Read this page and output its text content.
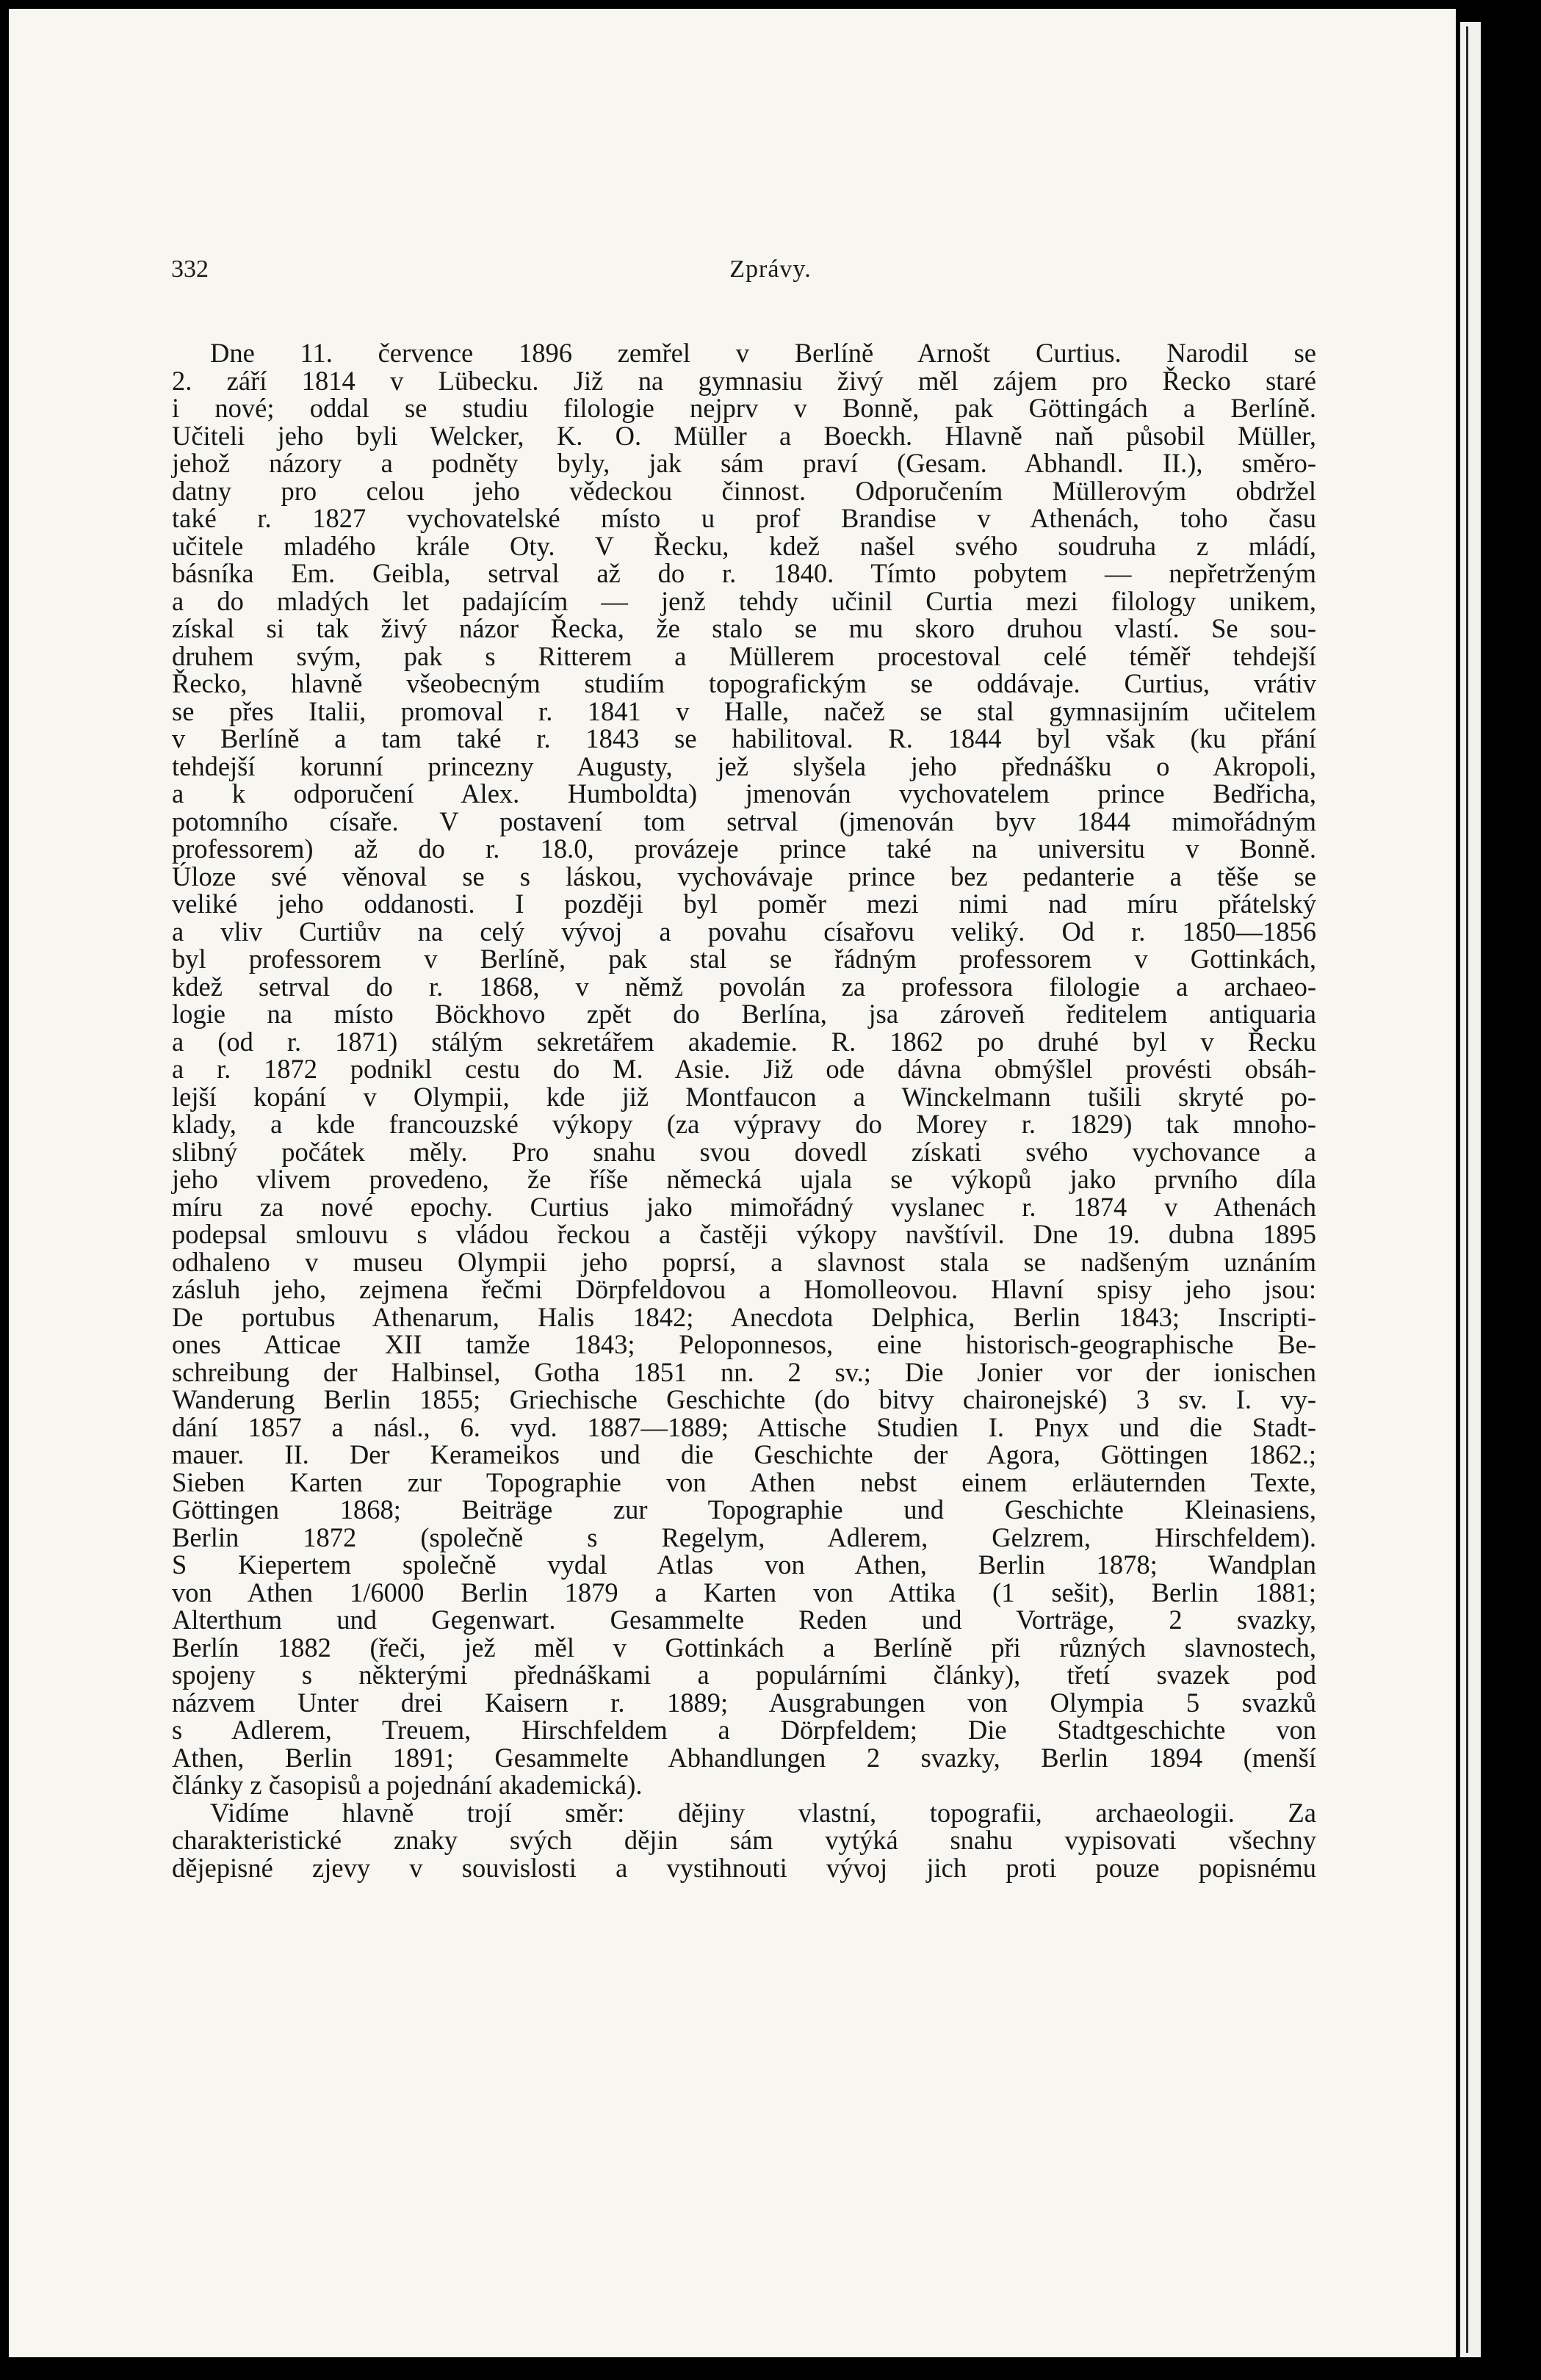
332	Zprávy.
Dne 11. července 1896 zemřel v Berlíně Arnošt Curtius. Narodil se
2. září 1814 v Lübecku. Již na gymnasiu živý měl zájem pro Řecko staré
i nové; oddal se studiu filologie nejprv v Bonně, pak Göttingách a Berlíně.
Učiteli jeho byli Welcker, K. O. Müller a Boeckh. Hlavně naň působil Müller,
jehož názory a podněty byly, jak sám praví (Gesam. Abhandl. II.), směro-
datny pro celou jeho vědeckou činnost. Odporučením Müllerovým obdržel
také r. 1827 vychovatelské místo u prof Brandise v Athenách, toho času
učitele mladého krále Oty. V Řecku, kdež našel svého soudruha z mládí,
básníka Em. Geibla, setrval až do r. 1840. Tímto pobytem — nepřetrženým
a do mladých let padajícím — jenž tehdy učinil Curtia mezi filology unikem,
získal si tak živý názor Řecka, že stalo se mu skoro druhou vlastí. Se sou-
druhem svým, pak s Ritterem a Müllerem procestoval celé téměř tehdejší
Řecko, hlavně všeobecným studiím topografickým se oddávaje. Curtius, vrátiv
se přes Italii, promoval r. 1841 v Halle, načež se stal gymnasijním učitelem
v Berlíně a tam také r. 1843 se habilitoval. R. 1844 byl však (ku přání
tehdejší korunní princezny Augusty, jež slyšela jeho přednášku o Akropoli,
a k odporučení Alex. Humboldta) jmenován vychovatelem prince Bedřicha,
potomního císaře. V postavení tom setrval (jmenován byv 1844 mimořádným
professorem) až do r. 18.0, provázeje prince také na universitu v Bonně.
Úloze své věnoval se s láskou, vychovávaje prince bez pedanterie a těše se
veliké jeho oddanosti. I později byl poměr mezi nimi nad míru přátelský
a vliv Curtiův na celý vývoj a povahu císařovu veliký. Od r. 1850—1856
byl professorem v Berlíně, pak stal se řádným professorem v Gottinkách,
kdež setrval do r. 1868, v němž povolán za professora filologie a archaeo-
logie na místo Böckhovo zpět do Berlína, jsa zároveň ředitelem antiquaria
a (od r. 1871) stálým sekretářem akademie. R. 1862 po druhé byl v Řecku
a r. 1872 podnikl cestu do M. Asie. Již ode dávna obmýšlel provésti obsáh-
lejší kopání v Olympii, kde již Montfaucon a Winckelmann tušili skryté po-
klady, a kde francouzské výkopy (za výpravy do Morey r. 1829) tak mnoho-
slibný počátek měly. Pro snahu svou dovedl získati svého vychovance a
jeho vlivem provedeno, že říše německá ujala se výkopů jako prvního díla
míru za nové epochy. Curtius jako mimořádný vyslanec r. 1874 v Athenách
podepsal smlouvu s vládou řeckou a častěji výkopy navštívil. Dne 19. dubna 1895
odhaleno v museu Olympii jeho poprsí, a slavnost stala se nadšeným uznáním
zásluh jeho, zejmena řečmi Dörpfeldovou a Homolleovou. Hlavní spisy jeho jsou:
De portubus Athenarum, Halis 1842; Anecdota Delphica, Berlin 1843; Inscripti-
ones Atticae XII tamže 1843; Peloponnesos, eine historisch-geographische Be-
schreibung der Halbinsel, Gotha 1851 nn. 2 sv.; Die Jonier vor der ionischen
Wanderung Berlin 1855; Griechische Geschichte (do bitvy chaironejské) 3 sv. I. vy-
dání 1857 a násl., 6. vyd. 1887—1889; Attische Studien I. Pnyx und die Stadt-
mauer. II. Der Kerameikos und die Geschichte der Agora, Göttingen 1862.;
Sieben Karten zur Topographie von Athen nebst einem erläuternden Texte,
Göttingen 1868; Beiträge zur Topographie und Geschichte Kleinasiens,
Berlin 1872 (společně s Regelym, Adlerem, Gelzrem, Hirschfeldem).
S Kiepertem společně vydal Atlas von Athen, Berlin 1878; Wandplan
von Athen 1/6000 Berlin 1879 a Karten von Attika (1 sešit), Berlin 1881;
Alterthum und Gegenwart. Gesammelte Reden und Vorträge, 2 svazky,
Berlín 1882 (řeči, jež měl v Gottinkách a Berlíně při různých slavnostech,
spojeny s některými přednáškami a populárními články), třetí svazek pod
názvem Unter drei Kaisern r. 1889; Ausgrabungen von Olympia 5 svazků
s Adlerem, Treuem, Hirschfeldem a Dörpfeldem; Die Stadtgeschichte von
Athen, Berlin 1891; Gesammelte Abhandlungen 2 svazky, Berlin 1894 (menší
články z časopisů a pojednání akademická).
Vidíme hlavně trojí směr: dějiny vlastní, topografii, archaeologii. Za
charakteristické znaky svých dějin sám vytýká snahu vypisovati všechny
dějepisné zjevy v souvislosti a vystihnouti vývoj jich proti pouze popisnému
